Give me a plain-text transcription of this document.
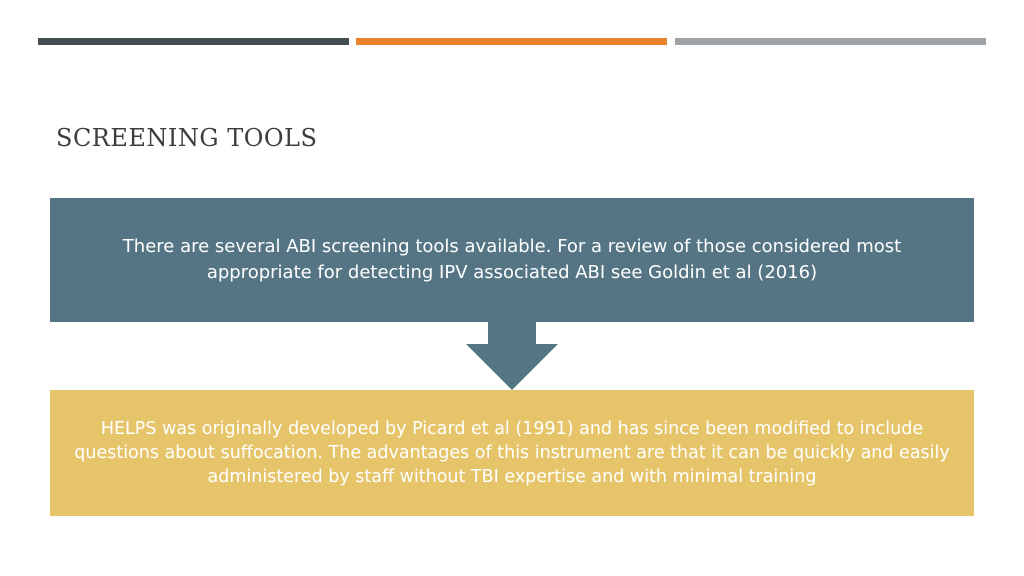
SCREENING TOOLS
There are several ABI screening tools available. For a review of those considered most appropriate for detecting IPV associated ABI see Goldin et al (2016)
HELPS was originally developed by Picard et al (1991) and has since been modified to include questions about suffocation. The advantages of this instrument are that it can be quickly and easily administered by staff without TBI expertise and with minimal training
